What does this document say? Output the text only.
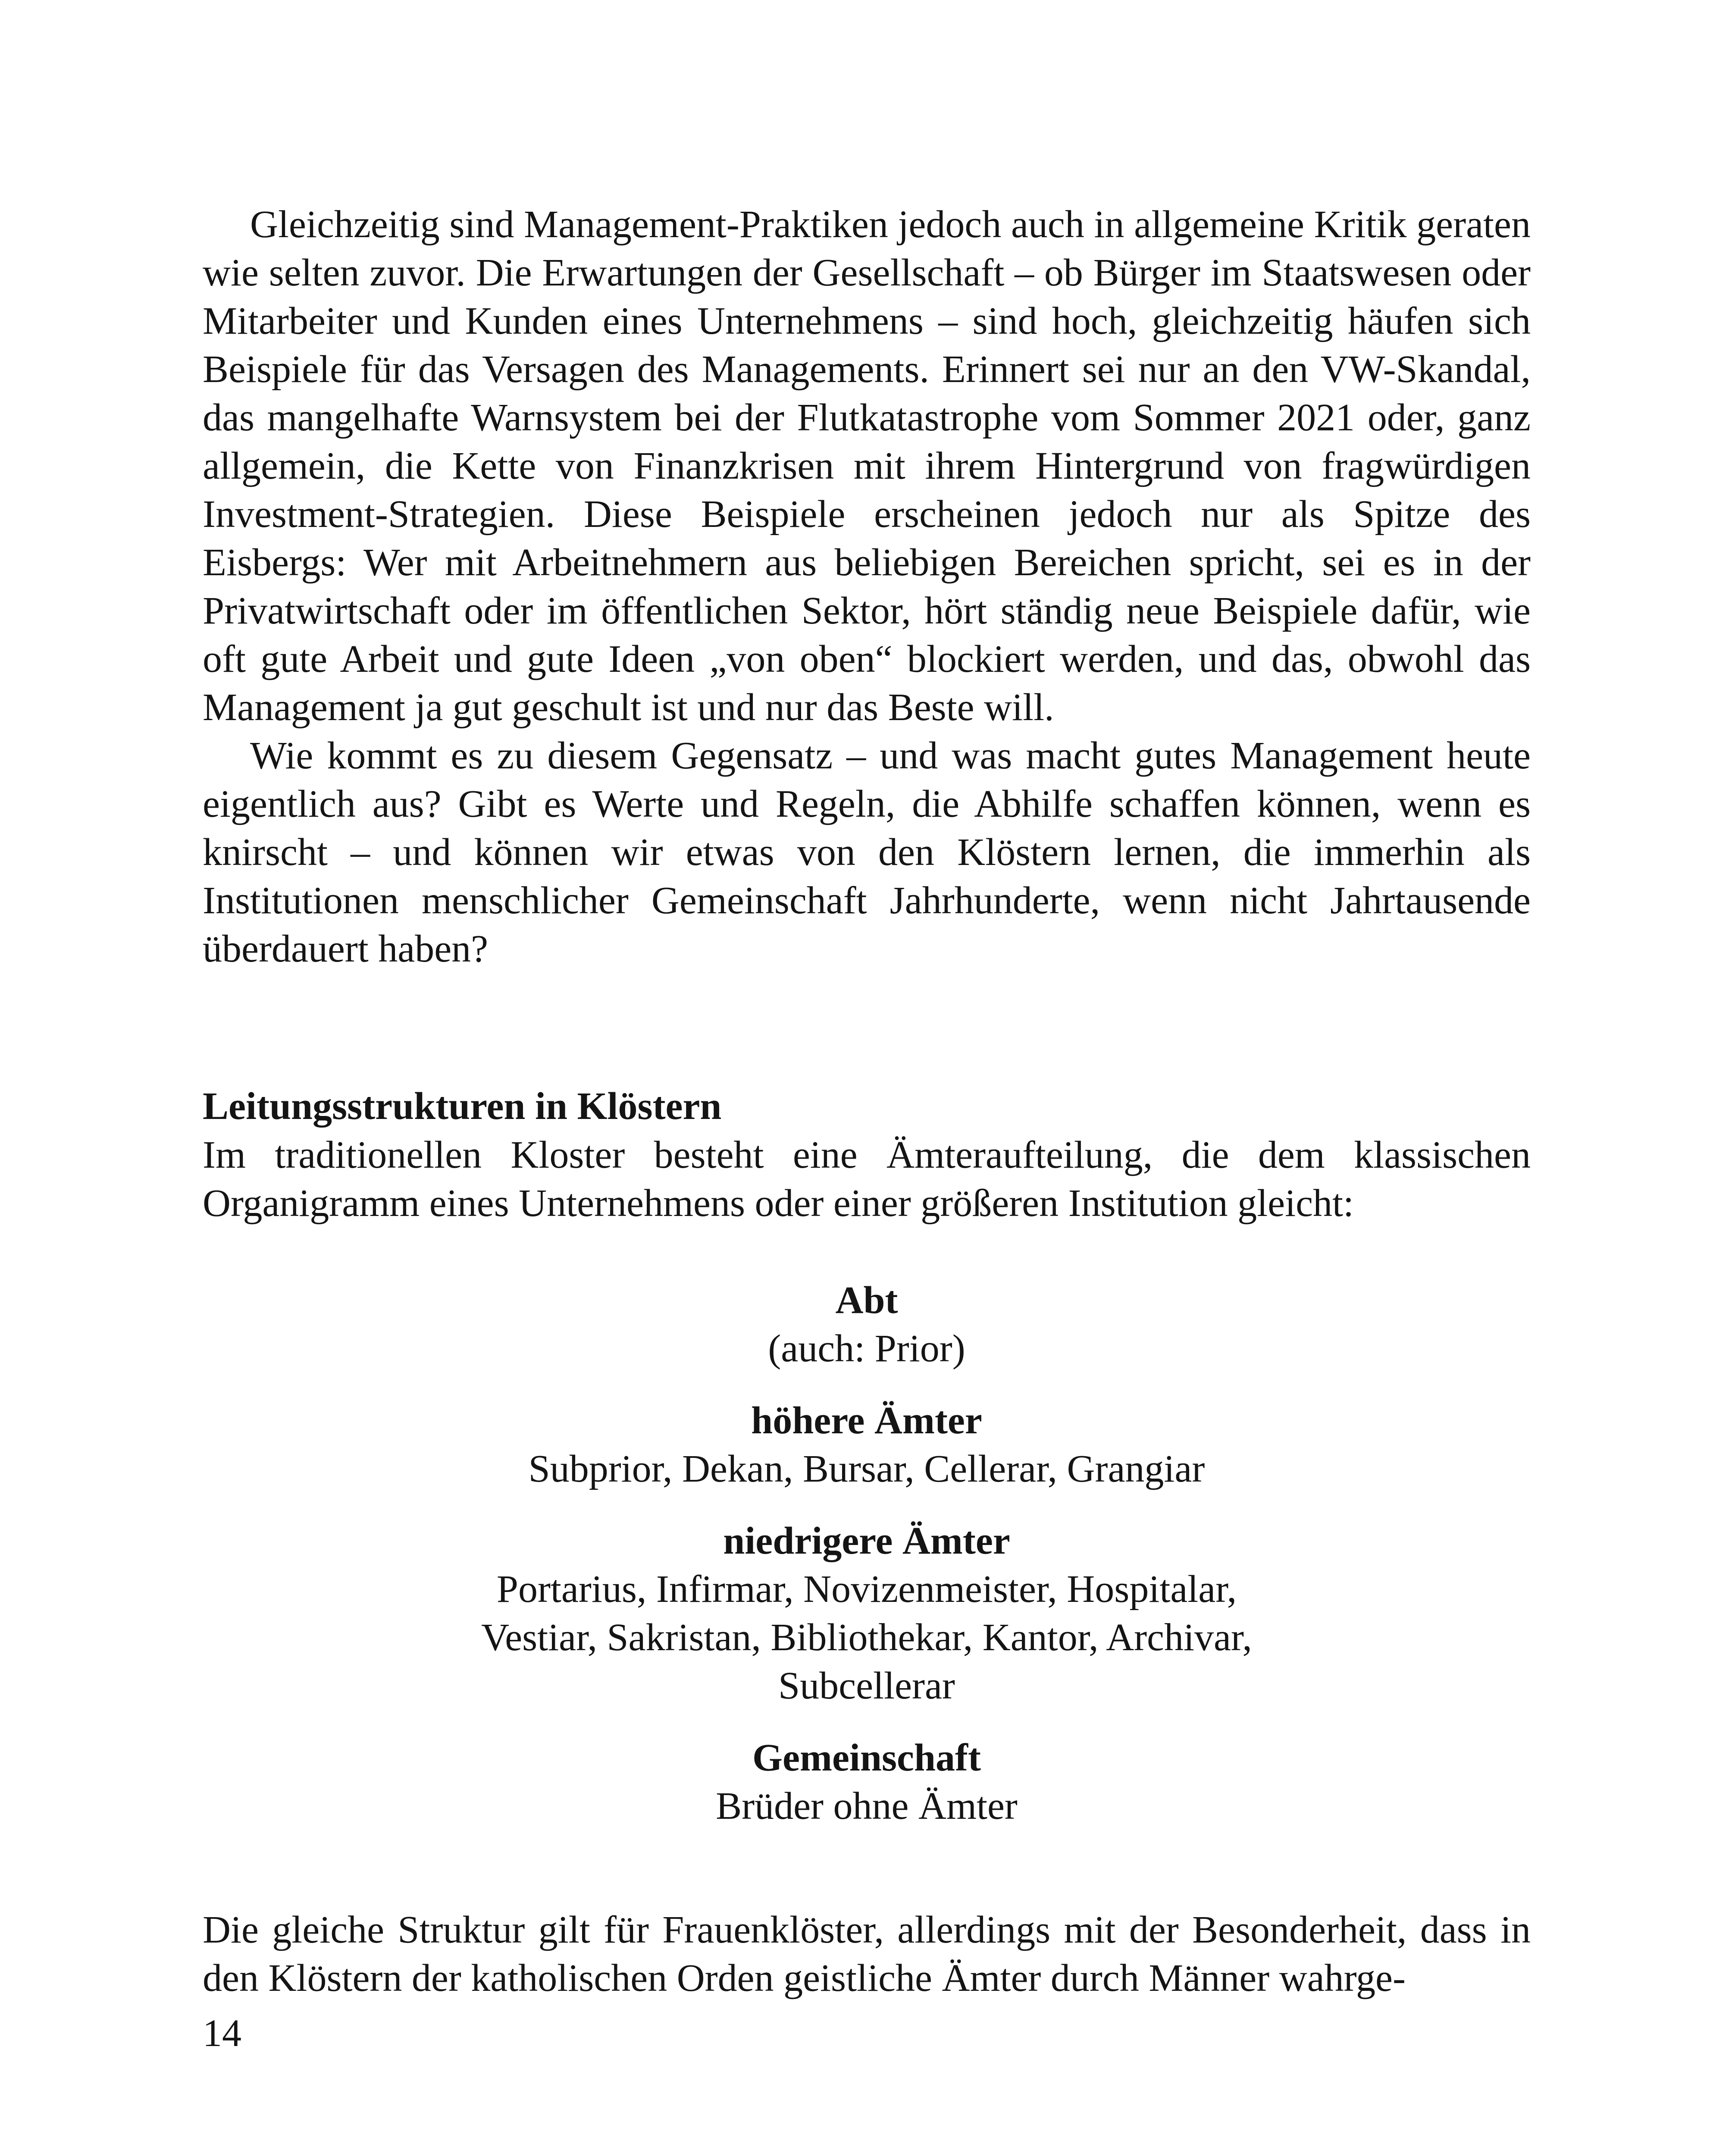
Gleichzeitig sind Management-Praktiken jedoch auch in allgemeine Kritik geraten wie selten zuvor. Die Erwartungen der Gesellschaft – ob Bürger im Staatswesen oder Mitarbeiter und Kunden eines Unternehmens – sind hoch, gleichzeitig häufen sich Beispiele für das Versagen des Managements. Erinnert sei nur an den VW-Skandal, das mangelhafte Warnsystem bei der Flutkatastrophe vom Sommer 2021 oder, ganz allgemein, die Kette von Finanzkrisen mit ihrem Hintergrund von fragwürdigen Investment-Strategien. Diese Beispiele erscheinen jedoch nur als Spitze des Eisbergs: Wer mit Arbeitnehmern aus beliebigen Bereichen spricht, sei es in der Privatwirtschaft oder im öffentlichen Sektor, hört ständig neue Beispiele dafür, wie oft gute Arbeit und gute Ideen „von oben“ blockiert werden, und das, obwohl das Management ja gut geschult ist und nur das Beste will.

Wie kommt es zu diesem Gegensatz – und was macht gutes Management heute eigentlich aus? Gibt es Werte und Regeln, die Abhilfe schaffen können, wenn es knirscht – und können wir etwas von den Klöstern lernen, die immerhin als Institutionen menschlicher Gemeinschaft Jahrhunderte, wenn nicht Jahrtausende überdauert haben?

Leitungsstrukturen in Klöstern

Im traditionellen Kloster besteht eine Ämteraufteilung, die dem klassischen Organigramm eines Unternehmens oder einer größeren Institution gleicht:

Abt

(auch: Prior)

höhere Ämter

Subprior, Dekan, Bursar, Cellerar, Grangiar

niedrigere Ämter

Portarius, Infirmar, Novizenmeister, Hospitalar, Vestiar, Sakristan, Bibliothekar, Kantor, Archivar, Subcellerar

Gemeinschaft

Brüder ohne Ämter

Die gleiche Struktur gilt für Frauenklöster, allerdings mit der Besonderheit, dass in den Klöstern der katholischen Orden geistliche Ämter durch Männer wahrge-

14
